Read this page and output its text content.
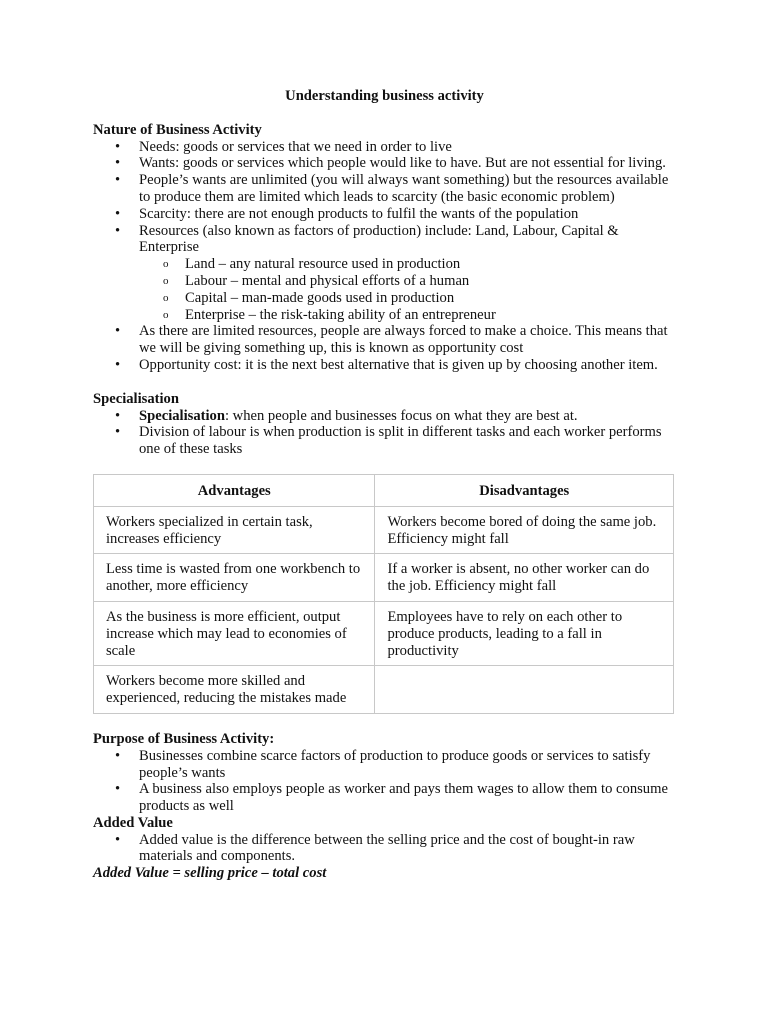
Understanding business activity
Nature of Business Activity
• Needs: goods or services that we need in order to live
• Wants: goods or services which people would like to have. But are not essential for living.
• People’s wants are unlimited (you will always want something) but the resources available to produce them are limited which leads to scarcity (the basic economic problem)
• Scarcity: there are not enough products to fulfil the wants of the population
• Resources (also known as factors of production) include: Land, Labour, Capital & Enterprise
o Land – any natural resource used in production
o Labour – mental and physical efforts of a human
o Capital – man-made goods used in production
o Enterprise – the risk-taking ability of an entrepreneur
• As there are limited resources, people are always forced to make a choice. This means that we will be giving something up, this is known as opportunity cost
• Opportunity cost: it is the next best alternative that is given up by choosing another item.
Specialisation
• Specialisation: when people and businesses focus on what they are best at.
• Division of labour is when production is split in different tasks and each worker performs one of these tasks
Advantages	Disadvantages
Workers specialized in certain task, increases efficiency	Workers become bored of doing the same job. Efficiency might fall
Less time is wasted from one workbench to another, more efficiency	If a worker is absent, no other worker can do the job. Efficiency might fall
As the business is more efficient, output increase which may lead to economies of scale	Employees have to rely on each other to produce products, leading to a fall in productivity
Workers become more skilled and experienced, reducing the mistakes made	
Purpose of Business Activity:
• Businesses combine scarce factors of production to produce goods or services to satisfy people’s wants
• A business also employs people as worker and pays them wages to allow them to consume products as well
Added Value
• Added value is the difference between the selling price and the cost of bought-in raw materials and components.
Added Value = selling price – total cost
